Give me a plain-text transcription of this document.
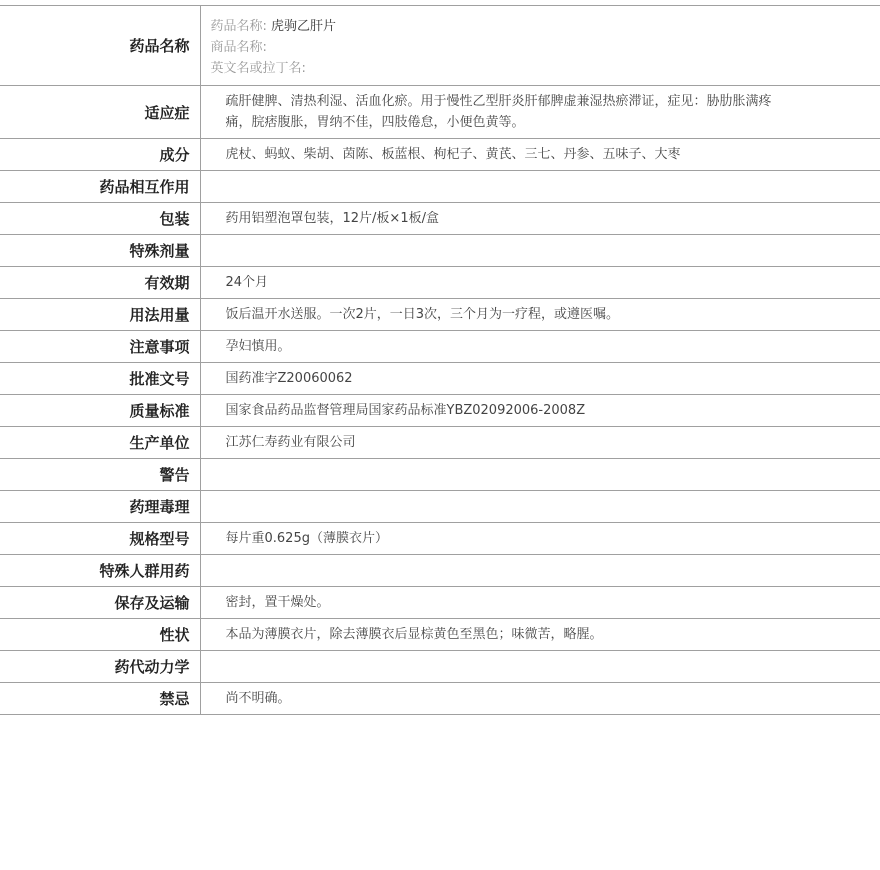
药品名称	药品名称: 虎驹乙肝片
商品名称:
英文名或拉丁名:

适应症	疏肝健脾、清热利湿、活血化瘀。用于慢性乙型肝炎肝郁脾虚兼湿热瘀滞证，症见：胁肋胀满疼痛，脘痞腹胀，胃纳不佳，四肢倦怠，小便色黄等。
成分	虎杖、蚂蚁、柴胡、茵陈、板蓝根、枸杞子、黄芪、三七、丹参、五味子、大枣
药品相互作用	
包装	药用铝塑泡罩包装，12片/板×1板/盒
特殊剂量	
有效期	24个月
用法用量	饭后温开水送服。一次2片，一日3次，三个月为一疗程，或遵医嘱。
注意事项	孕妇慎用。
批准文号	国药准字Z20060062
质量标准	国家食品药品监督管理局国家药品标准YBZ02092006-2008Z
生产单位	江苏仁寿药业有限公司
警告	
药理毒理	
规格型号	每片重0.625g（薄膜衣片）
特殊人群用药	
保存及运输	密封，置干燥处。
性状	本品为薄膜衣片，除去薄膜衣后显棕黄色至黑色；味微苦，略腥。
药代动力学	
禁忌	尚不明确。
